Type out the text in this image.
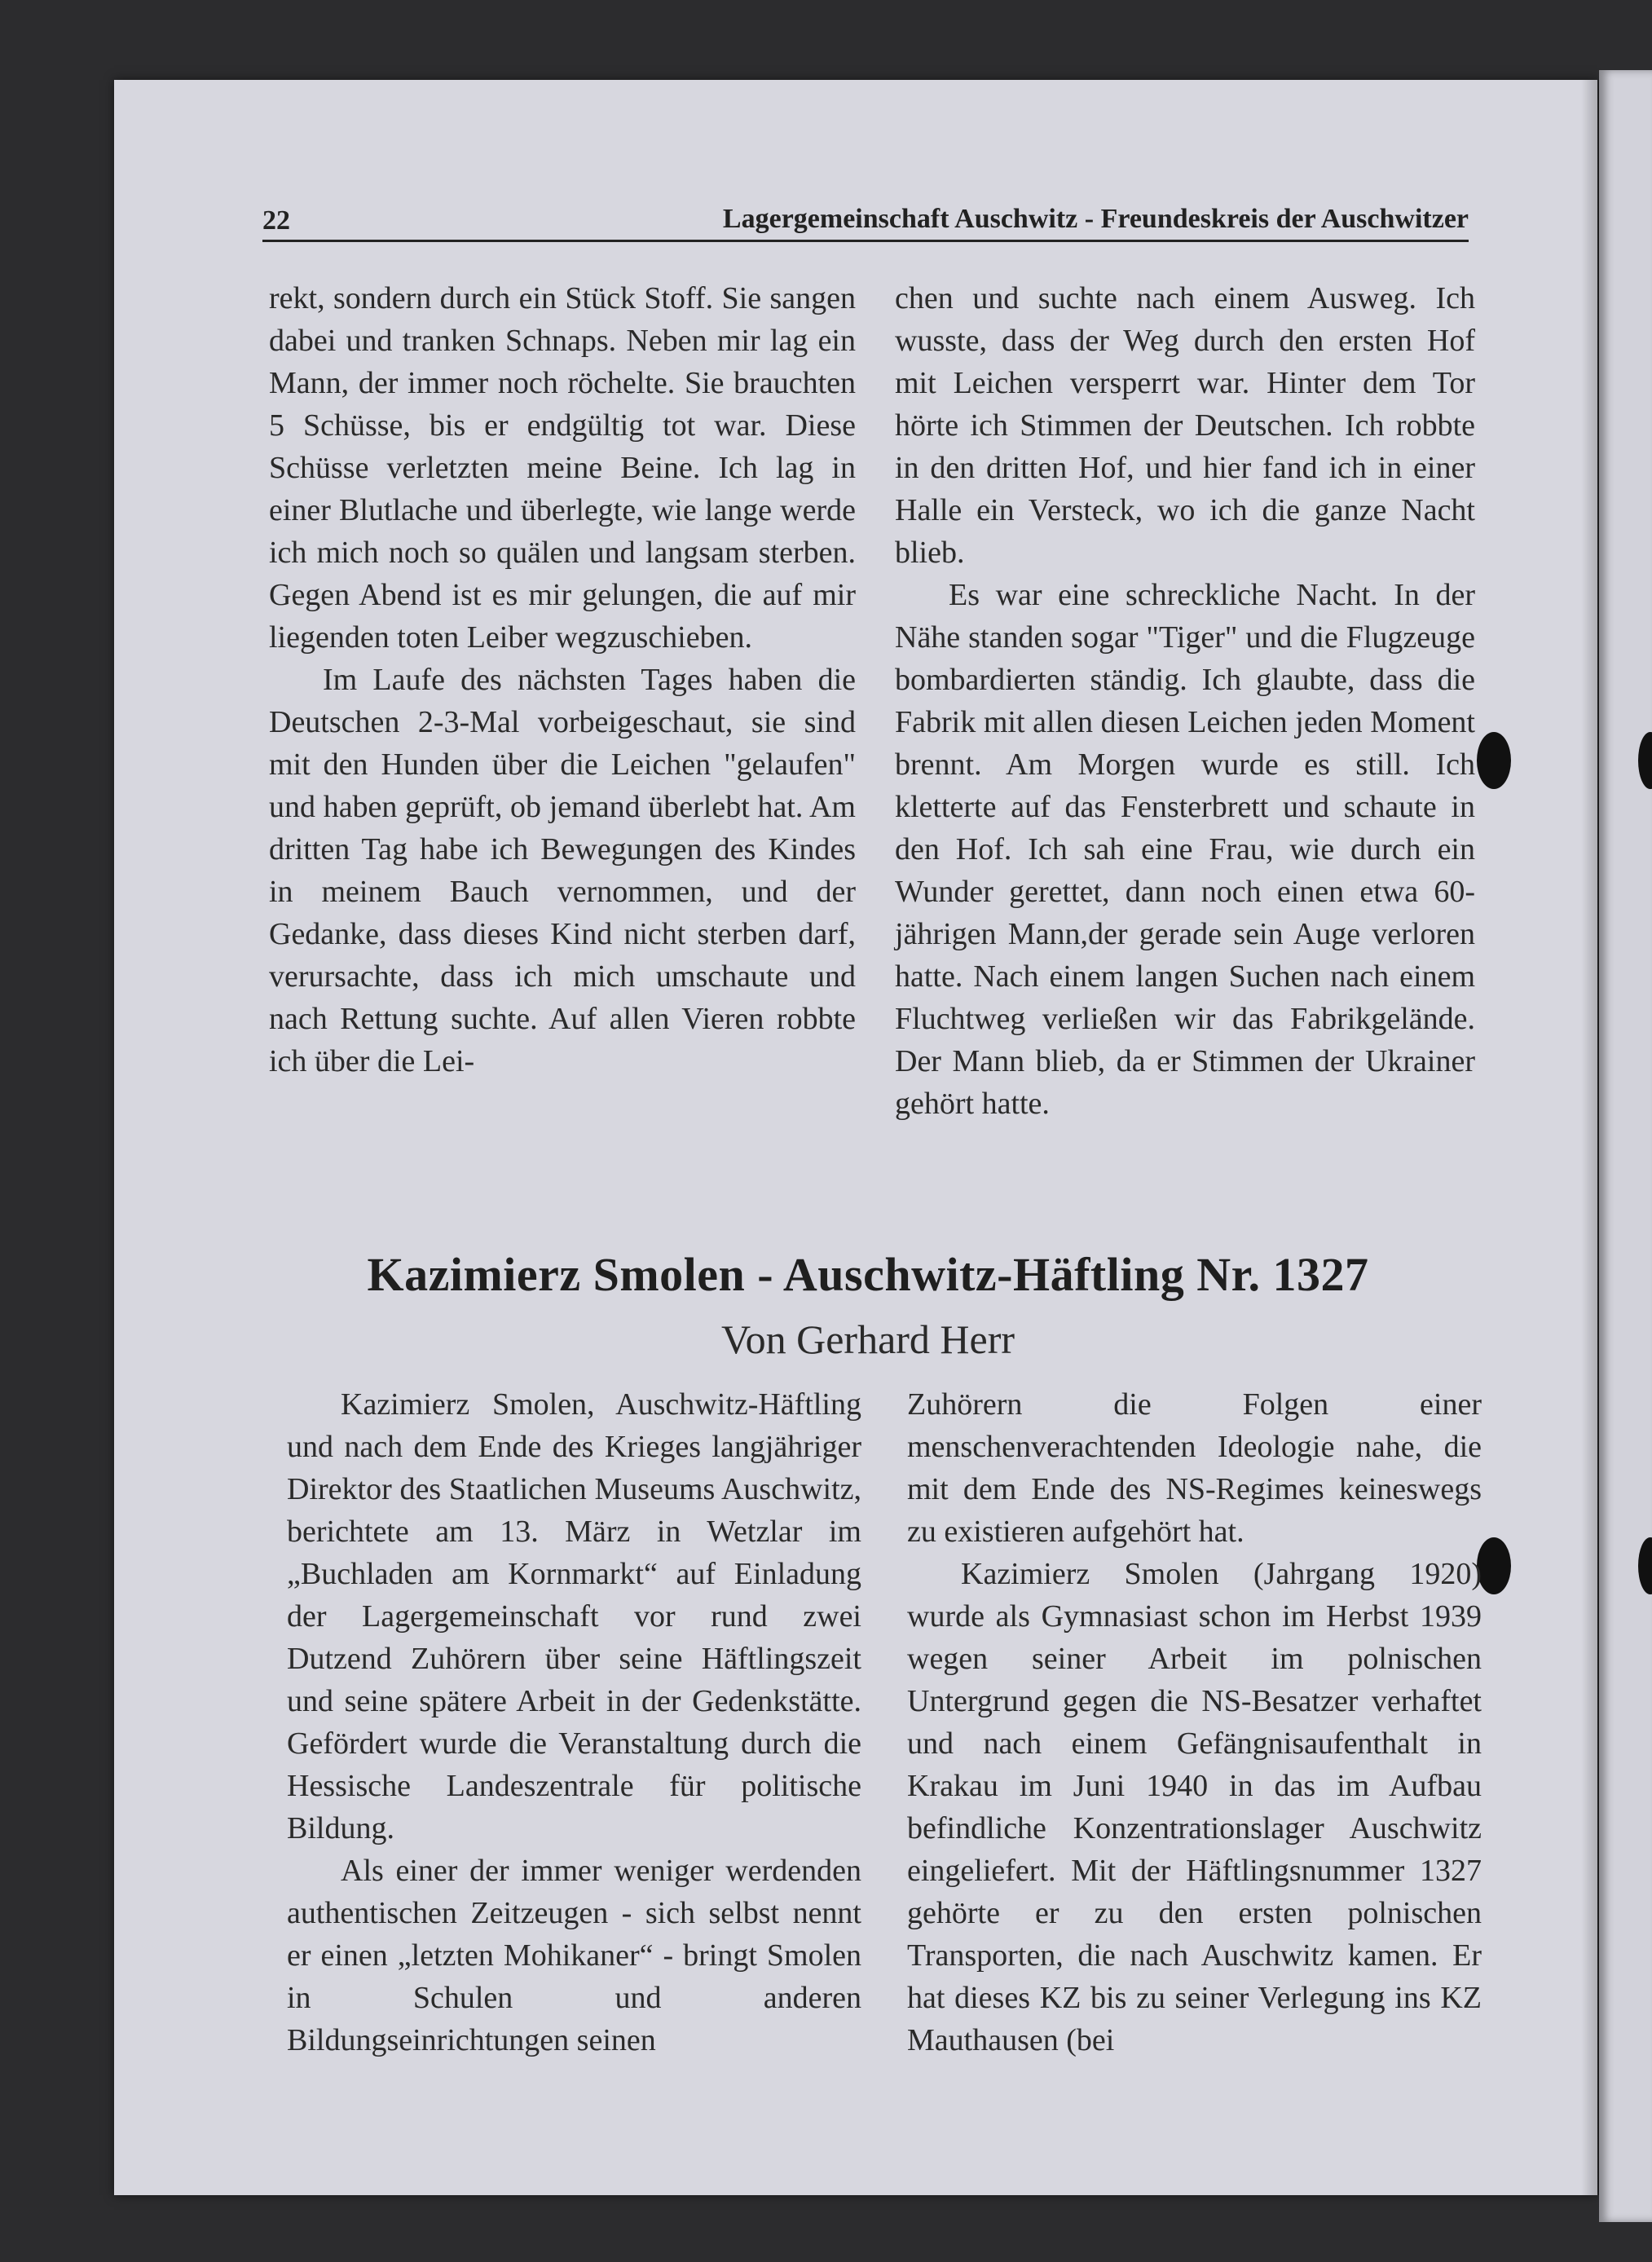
22	Lagergemeinschaft Auschwitz - Freundeskreis der Auschwitzer

rekt, sondern durch ein Stück Stoff. Sie sangen dabei und tranken Schnaps. Neben mir lag ein Mann, der immer noch röchelte. Sie brauchten 5 Schüsse, bis er endgültig tot war. Diese Schüsse verletzten meine Beine. Ich lag in einer Blutlache und überlegte, wie lange werde ich mich noch so quälen und langsam sterben. Gegen Abend ist es mir gelungen, die auf mir liegenden toten Leiber wegzuschieben.

Im Laufe des nächsten Tages haben die Deutschen 2-3-Mal vorbeigeschaut, sie sind mit den Hunden über die Leichen "gelaufen" und haben geprüft, ob jemand überlebt hat. Am dritten Tag habe ich Bewegungen des Kindes in meinem Bauch vernommen, und der Gedanke, dass dieses Kind nicht sterben darf, verursachte, dass ich mich umschaute und nach Rettung suchte. Auf allen Vieren robbte ich über die Lei-

chen und suchte nach einem Ausweg. Ich wusste, dass der Weg durch den ersten Hof mit Leichen versperrt war. Hinter dem Tor hörte ich Stimmen der Deutschen. Ich robbte in den dritten Hof, und hier fand ich in einer Halle ein Versteck, wo ich die ganze Nacht blieb.

Es war eine schreckliche Nacht. In der Nähe standen sogar "Tiger" und die Flugzeuge bombardierten ständig. Ich glaubte, dass die Fabrik mit allen diesen Leichen jeden Moment brennt. Am Morgen wurde es still. Ich kletterte auf das Fensterbrett und schaute in den Hof. Ich sah eine Frau, wie durch ein Wunder gerettet, dann noch einen etwa 60-jährigen Mann,der gerade sein Auge verloren hatte. Nach einem langen Suchen nach einem Fluchtweg verließen wir das Fabrikgelände. Der Mann blieb, da er Stimmen der Ukrainer gehört hatte.

Kazimierz Smolen - Auschwitz-Häftling Nr. 1327
Von Gerhard Herr

Kazimierz Smolen, Auschwitz-Häftling und nach dem Ende des Krieges langjähriger Direktor des Staatlichen Museums Auschwitz, berichtete am 13. März in Wetzlar im „Buchladen am Kornmarkt“ auf Einladung der Lagergemeinschaft vor rund zwei Dutzend Zuhörern über seine Häftlingszeit und seine spätere Arbeit in der Gedenkstätte. Gefördert wurde die Veranstaltung durch die Hessische Landeszentrale für politische Bildung.

Als einer der immer weniger werdenden authentischen Zeitzeugen - sich selbst nennt er einen „letzten Mohikaner“ - bringt Smolen in Schulen und anderen Bildungseinrichtungen seinen

Zuhörern die Folgen einer menschenverachtenden Ideologie nahe, die mit dem Ende des NS-Regimes keineswegs zu existieren aufgehört hat.

Kazimierz Smolen (Jahrgang 1920) wurde als Gymnasiast schon im Herbst 1939 wegen seiner Arbeit im polnischen Untergrund gegen die NS-Besatzer verhaftet und nach einem Gefängnisaufenthalt in Krakau im Juni 1940 in das im Aufbau befindliche Konzentrationslager Auschwitz eingeliefert. Mit der Häftlingsnummer 1327 gehörte er zu den ersten polnischen Transporten, die nach Auschwitz kamen. Er hat dieses KZ bis zu seiner Verlegung ins KZ Mauthausen (bei
